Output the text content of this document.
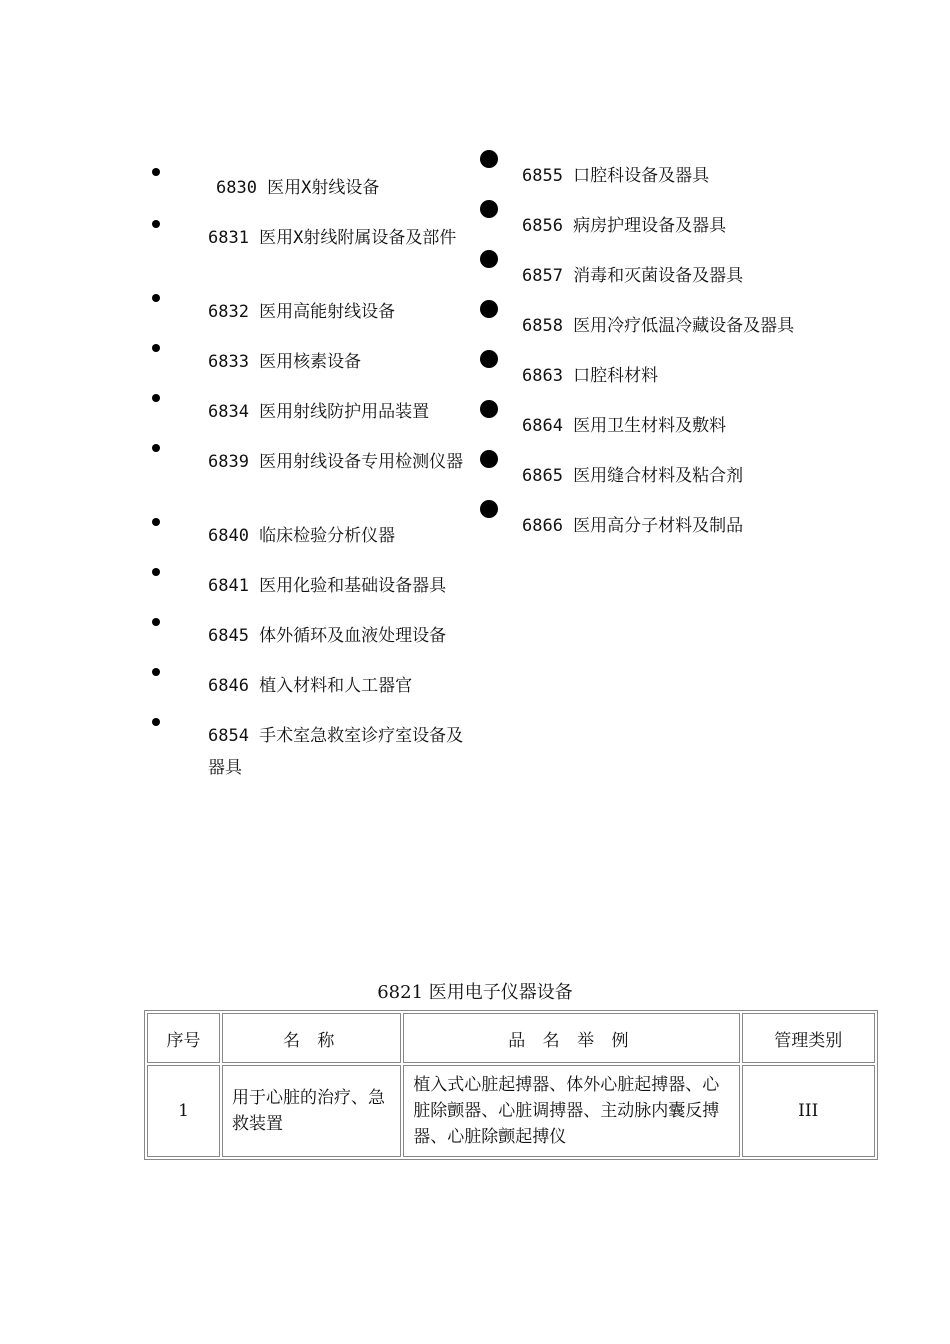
6830 医用X射线设备
6831 医用X射线附属设备及部件
6832 医用高能射线设备
6833 医用核素设备
6834 医用射线防护用品装置
6839 医用射线设备专用检测仪器
6840 临床检验分析仪器
6841 医用化验和基础设备器具
6845 体外循环及血液处理设备
6846 植入材料和人工器官
6854 手术室急救室诊疗室设备及器具
6855 口腔科设备及器具
6856 病房护理设备及器具
6857 消毒和灭菌设备及器具
6858 医用冷疗低温冷藏设备及器具
6863 口腔科材料
6864 医用卫生材料及敷料
6865 医用缝合材料及粘合剂
6866 医用高分子材料及制品
6821 医用电子仪器设备
序号	名 称	品 名 举 例	管理类别
1	用于心脏的治疗、急救装置	植入式心脏起搏器、体外心脏起搏器、心脏除颤器、心脏调搏器、主动脉内囊反搏器、心脏除颤起搏仪	III
